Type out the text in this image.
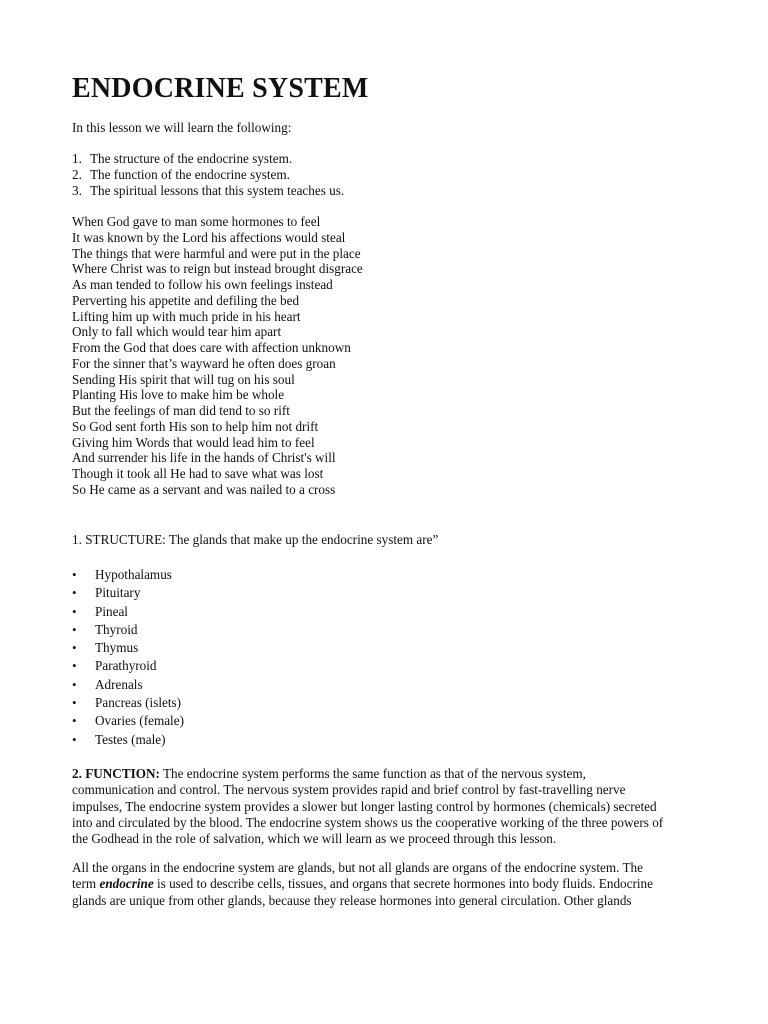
ENDOCRINE SYSTEM
In this lesson we will learn the following:
1. The structure of the endocrine system.
2. The function of the endocrine system.
3. The spiritual lessons that this system teaches us.
When God gave to man some hormones to feel
It was known by the Lord his affections would steal
The things that were harmful and were put in the place
Where Christ was to reign but instead brought disgrace
As man tended to follow his own feelings instead
Perverting his appetite and defiling the bed
Lifting him up with much pride in his heart
Only to fall which would tear him apart
From the God that does care with affection unknown
For the sinner that’s wayward he often does groan
Sending His spirit that will tug on his soul
Planting His love to make him be whole
But the feelings of man did tend to so rift
So God sent forth His son to help him not drift
Giving him Words that would lead him to feel
And surrender his life in the hands of Christ's will
Though it took all He had to save what was lost
So He came as a servant and was nailed to a cross
1. STRUCTURE: The glands that make up the endocrine system are”
• Hypothalamus
• Pituitary
• Pineal
• Thyroid
• Thymus
• Parathyroid
• Adrenals
• Pancreas (islets)
• Ovaries (female)
• Testes (male)
2. FUNCTION: The endocrine system performs the same function as that of the nervous system,
communication and control. The nervous system provides rapid and brief control by fast-travelling nerve
impulses, The endocrine system provides a slower but longer lasting control by hormones (chemicals) secreted
into and circulated by the blood. The endocrine system shows us the cooperative working of the three powers of
the Godhead in the role of salvation, which we will learn as we proceed through this lesson.
All the organs in the endocrine system are glands, but not all glands are organs of the endocrine system. The
term endocrine is used to describe cells, tissues, and organs that secrete hormones into body fluids. Endocrine
glands are unique from other glands, because they release hormones into general circulation. Other glands
